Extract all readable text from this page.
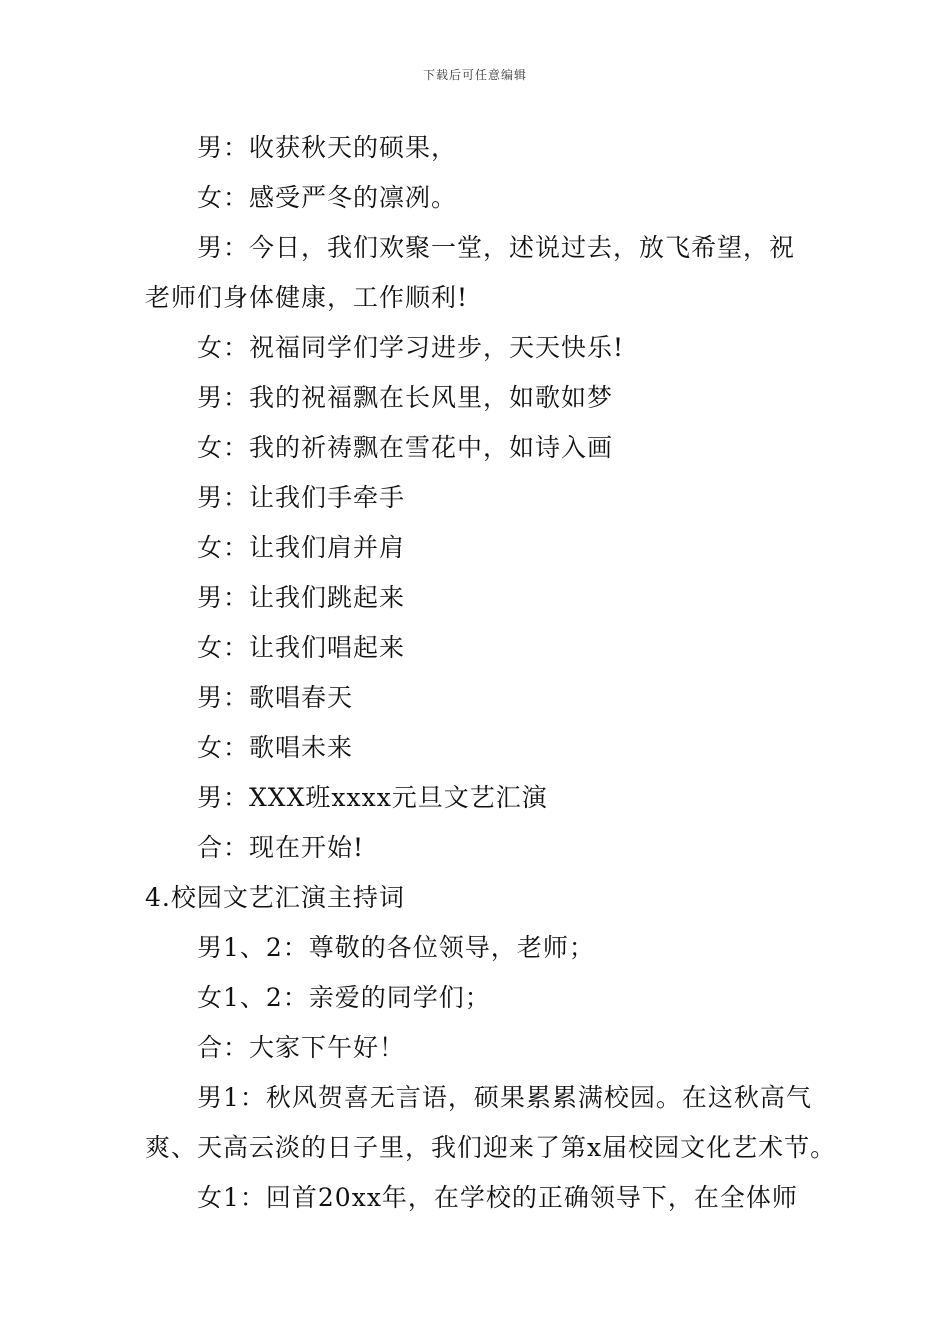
下载后可任意编辑
男：收获秋天的硕果，
女：感受严冬的凛冽。
男：今日，我们欢聚一堂，述说过去，放飞希望，祝
老师们身体健康，工作顺利!
女：祝福同学们学习进步，天天快乐!
男：我的祝福飘在长风里，如歌如梦
女：我的祈祷飘在雪花中，如诗入画
男：让我们手牵手
女：让我们肩并肩
男：让我们跳起来
女：让我们唱起来
男：歌唱春天
女：歌唱未来
男：XXX班xxxx元旦文艺汇演
合：现在开始!
4.校园文艺汇演主持词
男1、2：尊敬的各位领导，老师；
女1、2：亲爱的同学们；
合：大家下午好！
男1：秋风贺喜无言语，硕果累累满校园。在这秋高气
爽、天高云淡的日子里，我们迎来了第x届校园文化艺术节。
女1：回首20xx年，在学校的正确领导下，在全体师
